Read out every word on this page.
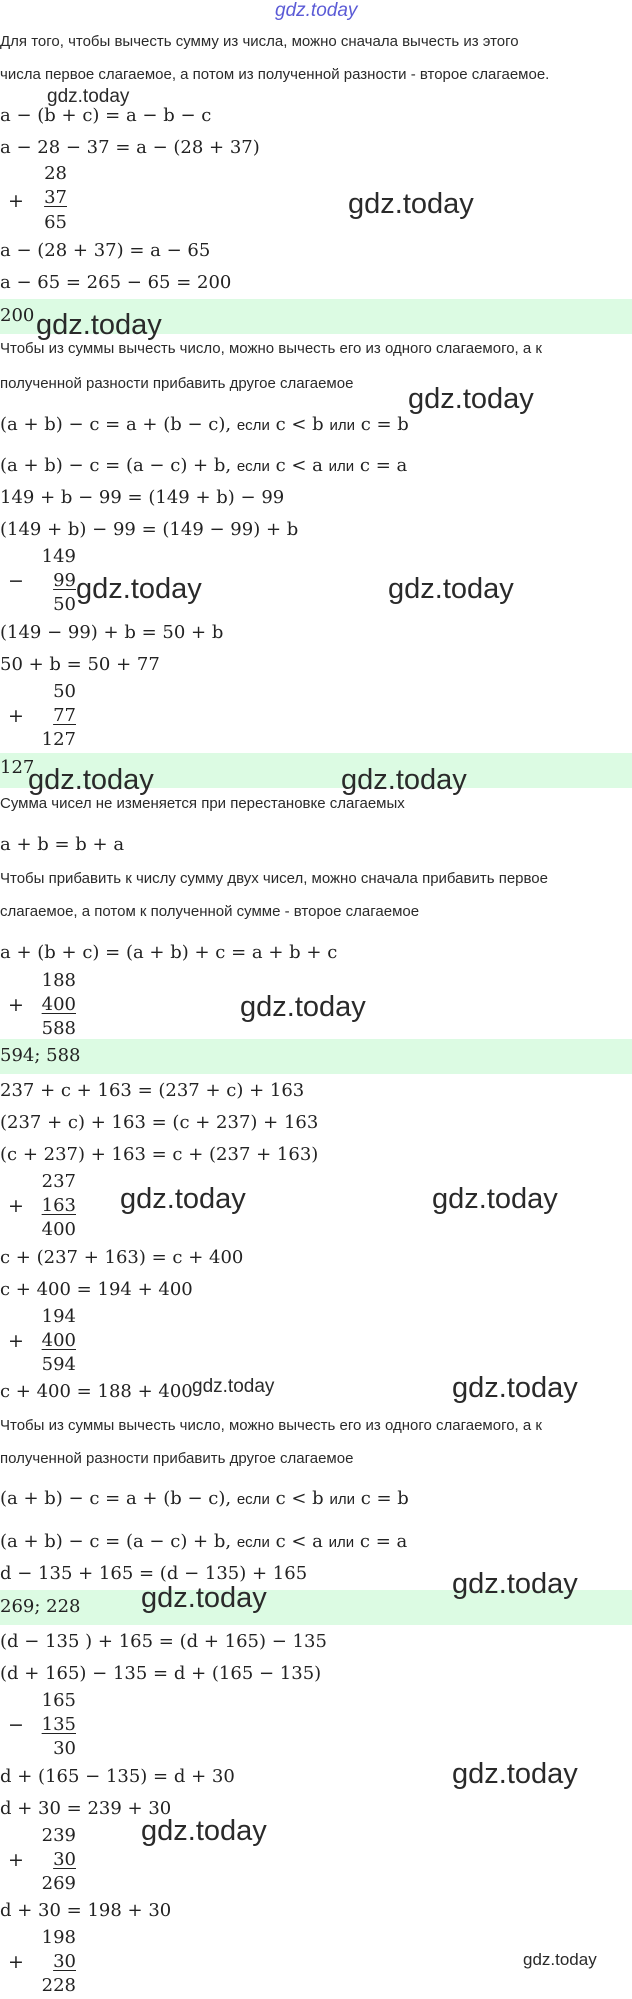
gdz.today
Для того, чтобы вычесть сумму из числа, можно сначала вычесть из этого
числа первое слагаемое, а потом из полученной разности - второе слагаемое.
gdz.today
a − (b + c) = a − b − c
a − 28 − 37 = a − (28 + 37)
+
28
37
65
gdz.today
a − (28 + 37) = a − 65
a − 65 = 265 − 65 = 200
200 gdz.today
Чтобы из суммы вычесть число, можно вычесть его из одного слагаемого, а к
полученной разности прибавить другое слагаемое gdz.today
(a + b) − c = a + (b − c), если c < b или c = b
(a + b) − c = (a − c) + b, если c < a или c = a
149 + b − 99 = (149 + b) − 99
(149 + b) − 99 = (149 − 99) + b
149
−	99
50 gdz.today	gdz.today
(149 − 99) + b = 50 + b
50 + b = 50 + 77
50
+	77
127
127
gdz.today	gdz.today
Сумма чисел не изменяется при перестановке слагаемых
a + b = b + a
Чтобы прибавить к числу сумму двух чисел, можно сначала прибавить первое
слагаемое, а потом к полученной сумме - второе слагаемое
a + (b + c) = (a + b) + c = a + b + c
188
+ 400
588
gdz.today
594; 588
237 + c + 163 = (237 + c) + 163
(237 + c) + 163 = (c + 237) + 163
(c + 237) + 163 = c + (237 + 163)
237
+ 163
400
gdz.today	gdz.today
c + (237 + 163) = c + 400
c + 400 = 194 + 400
194
+ 400
594
c + 400 = 188 + 400 gdz.today	gdz.today
Чтобы из суммы вычесть число, можно вычесть его из одного слагаемого, а к
полученной разности прибавить другое слагаемое
(a + b) − c = a + (b − c), если c < b или c = b
(a + b) − c = (a − c) + b, если c < a или c = a
d − 135 + 165 = (d − 135) + 165
269; 228 gdz.today	gdz.today
(d − 135 ) + 165 = (d + 165) − 135
(d + 165) − 135 = d + (165 − 135)
165
− 135
30
d + (165 − 135) = d + 30	gdz.today
d + 30 = 239 + 30
239
+	30
269
gdz.today
d + 30 = 198 + 30
198
+	30
228
gdz.today
